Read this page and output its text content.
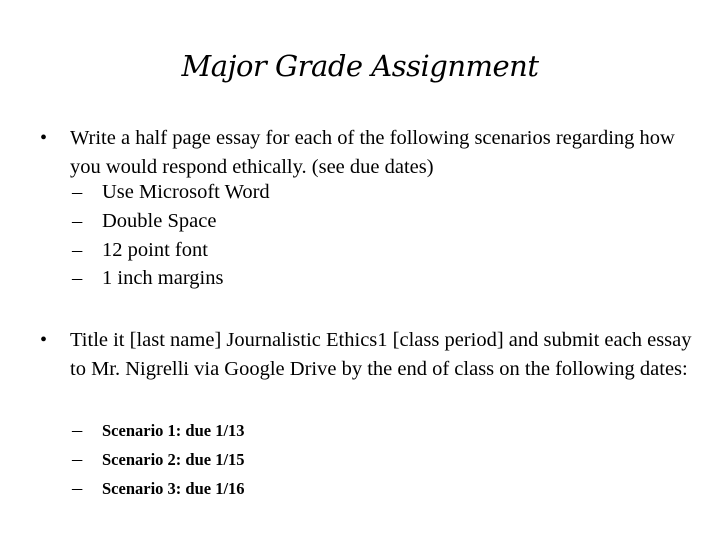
Major Grade Assignment
• Write a half page essay for each of the following scenarios regarding how you would respond ethically. (see due dates)
– Use Microsoft Word
– Double Space
– 12 point font
– 1 inch margins
• Title it [last name] Journalistic Ethics1 [class period] and submit each essay to Mr. Nigrelli via Google Drive by the end of class on the following dates:
– Scenario 1: due 1/13
– Scenario 2: due 1/15
– Scenario 3: due 1/16
